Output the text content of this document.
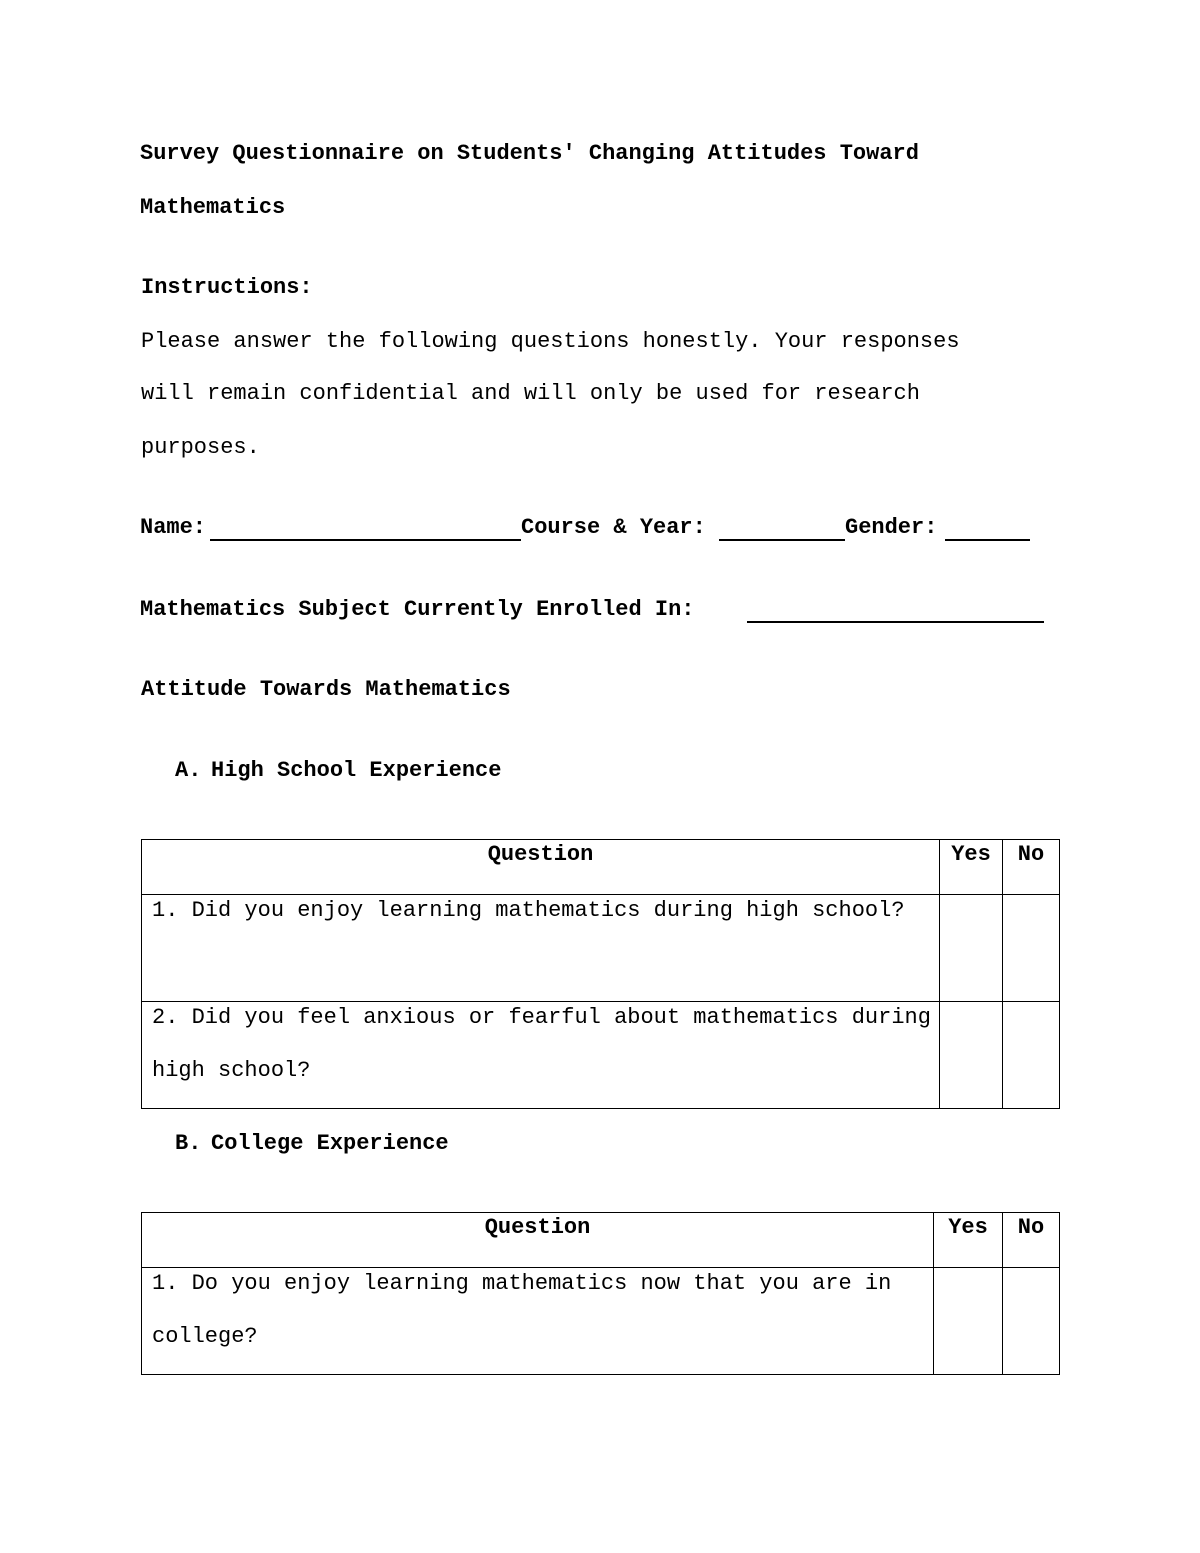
Survey Questionnaire on Students' Changing Attitudes Toward
Mathematics
Instructions:
Please answer the following questions honestly. Your responses
will remain confidential and will only be used for research
purposes.
Name:	Course & Year:	Gender:
Mathematics Subject Currently Enrolled In:
Attitude Towards Mathematics
A. High School Experience
Question	Yes	No

1. Did you enjoy learning mathematics during high school?		

2. Did you feel anxious or fearful about mathematics during high school?		

B. College Experience
Question	Yes	No

1. Do you enjoy learning mathematics now that you are in college?		
